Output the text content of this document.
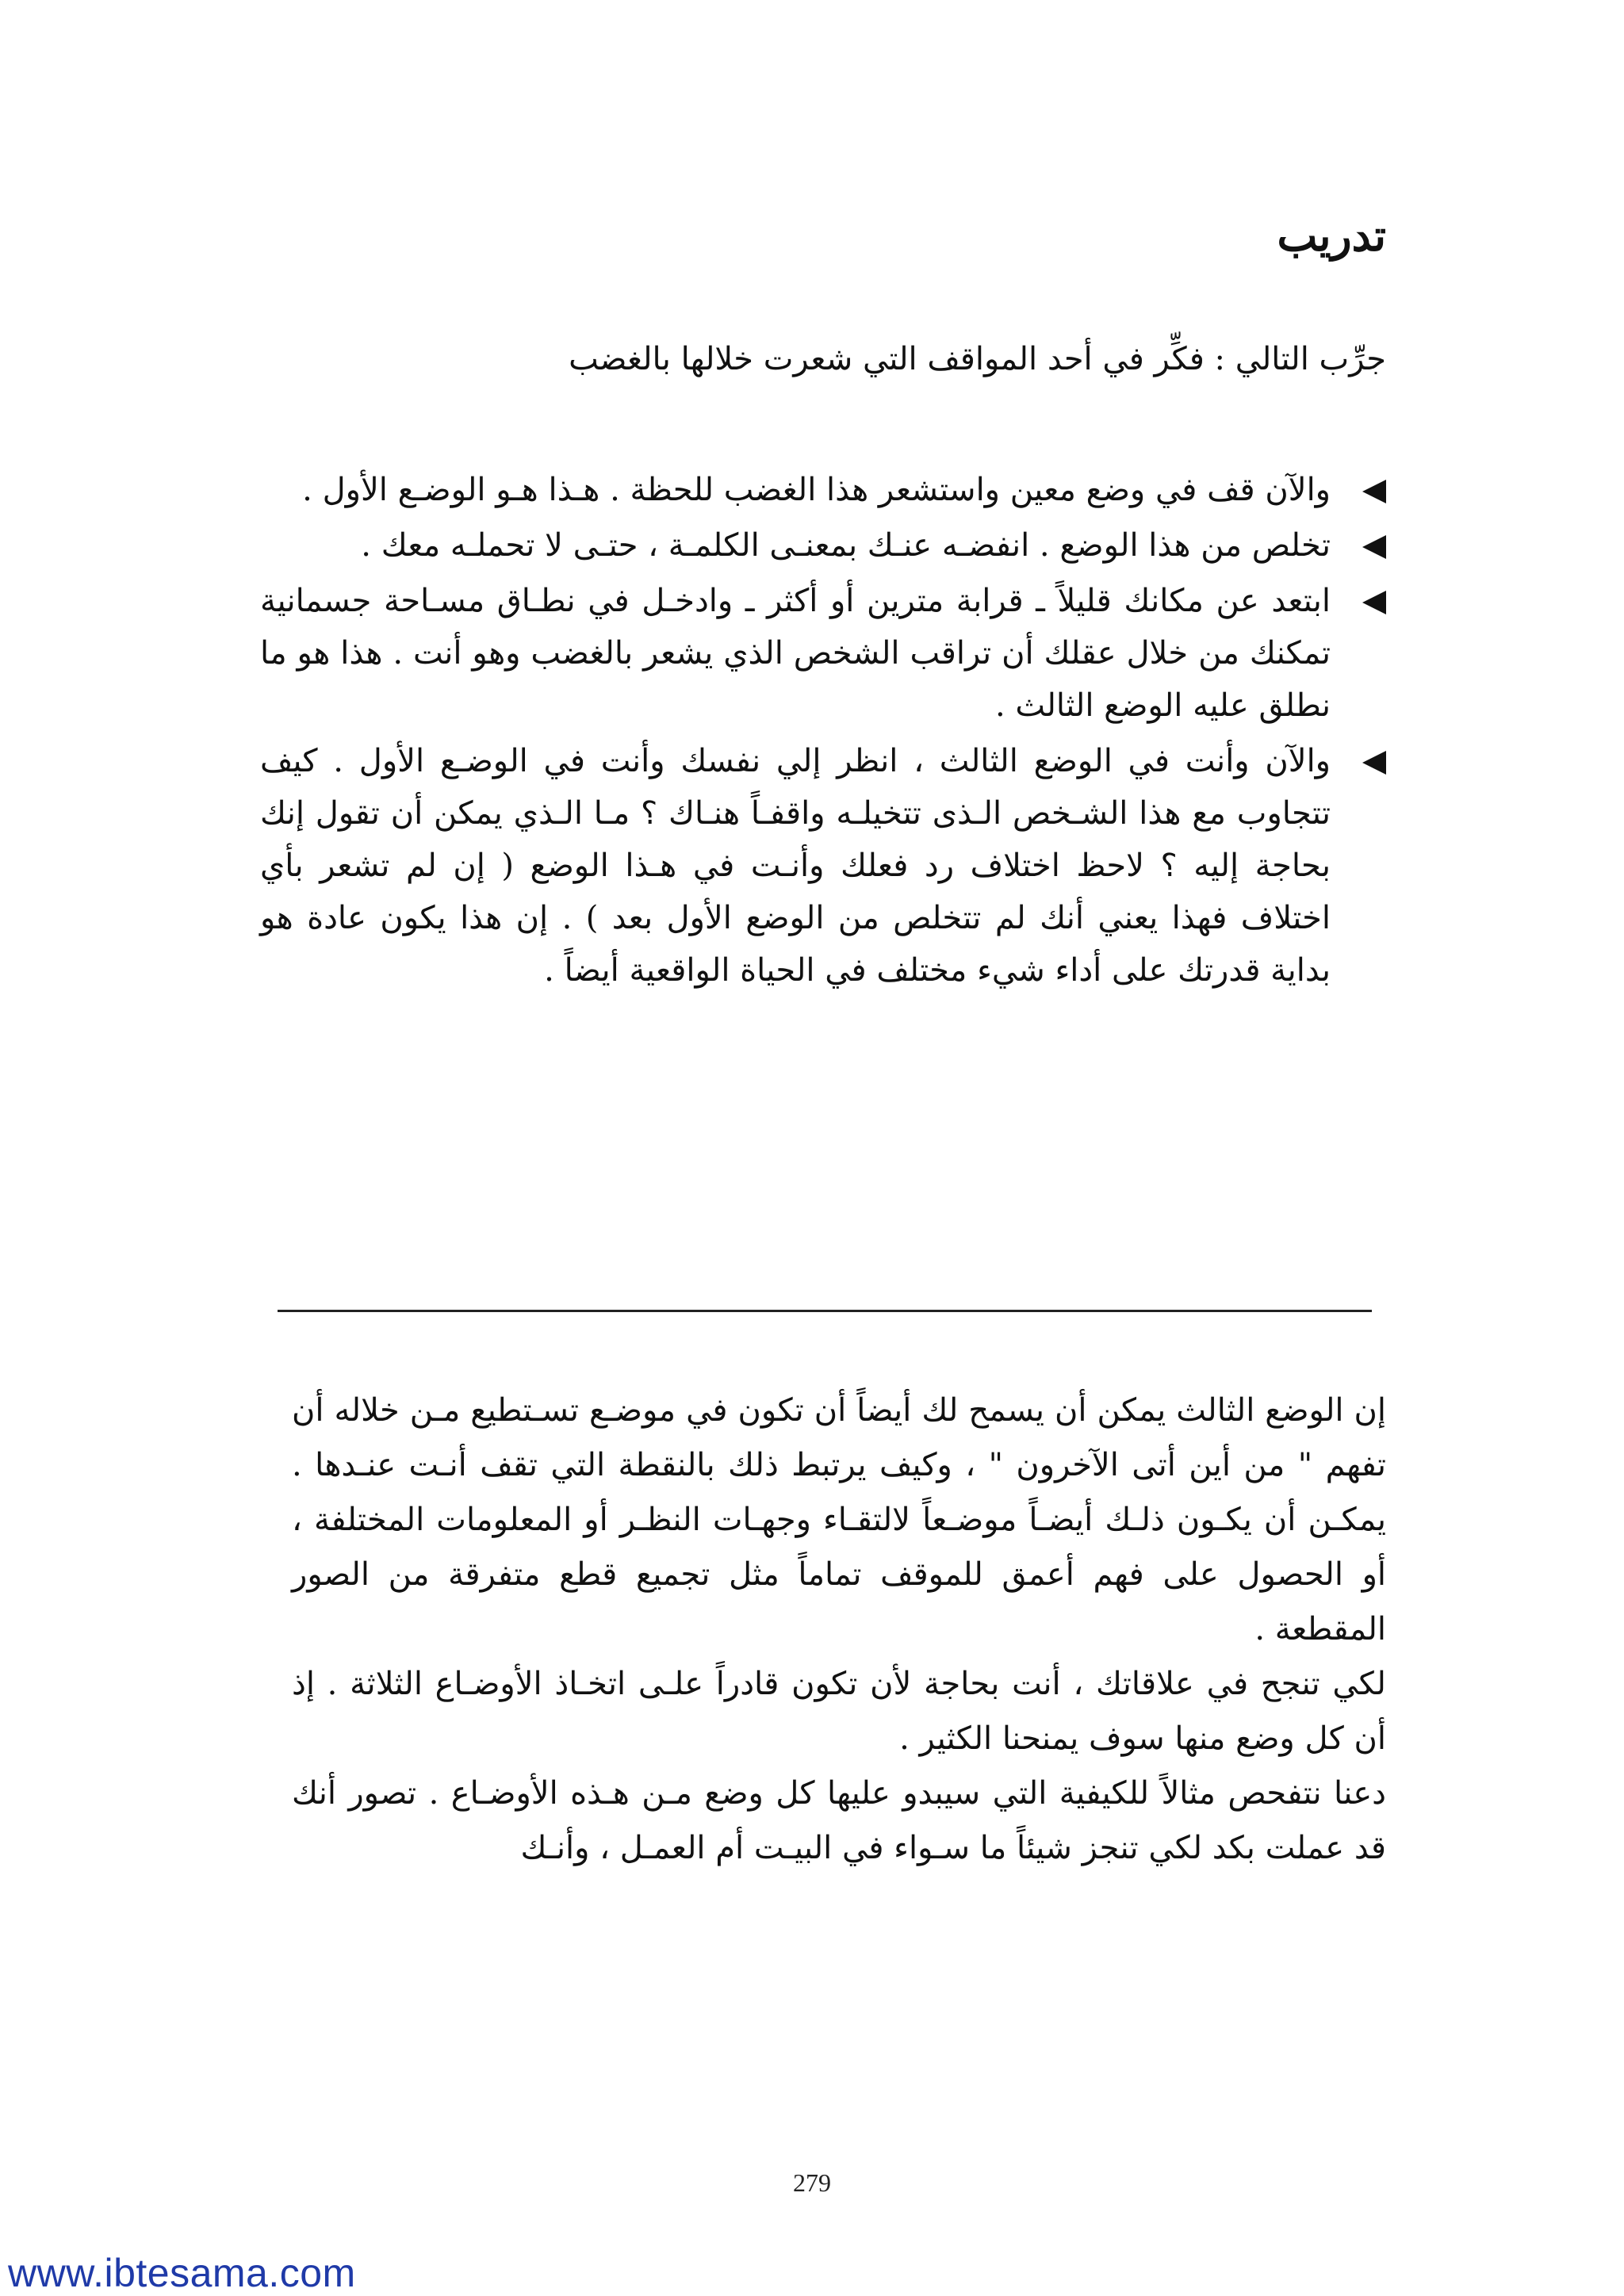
تدريب

جرِّب التالي : فكِّر في أحد المواقف التي شعرت خلالها بالغضب

والآن قف في وضع معين واستشعر هذا الغضب للحظة . هـذا هـو الوضـع الأول .
تخلص من هذا الوضع . انفضـه عنـك بمعنـى الكلمـة ، حتـى لا تحملـه معك .
ابتعد عن مكانك قليلاً ـ قرابة مترين أو أكثر ـ وادخـل في نطـاق مسـاحة جسمانية تمكنك من خلال عقلك أن تراقب الشخص الذي يشعر بالغضب وهو أنت . هذا هو ما نطلق عليه الوضع الثالث .
والآن وأنت في الوضع الثالث ، انظر إلي نفسك وأنت في الوضـع الأول . كيف تتجاوب مع هذا الشـخص الـذى تتخيلـه واقفـاً هنـاك ؟ مـا الـذي يمكن أن تقول إنك بحاجة إليه ؟ لاحظ اختلاف رد فعلك وأنـت في هـذا الوضع ( إن لم تشعر بأي اختلاف فهذا يعني أنك لم تتخلص من الوضع الأول بعد ) . إن هذا يكون عادة هو بداية قدرتك على أداء شيء مختلف في الحياة الواقعية أيضاً .

إن الوضع الثالث يمكن أن يسمح لك أيضاً أن تكون في موضـع تسـتطيع مـن خلاله أن تفهم " من أين أتى الآخرون " ، وكيف يرتبط ذلك بالنقطة التي تقف أنـت عنـدها . يمكـن أن يكـون ذلـك أيضـاً موضـعاً لالتقـاء وجهـات النظـر أو المعلومات المختلفة ، أو الحصول على فهم أعمق للموقف تماماً مثل تجميع قطع متفرقة من الصور المقطعة .

لكي تنجح في علاقاتك ، أنت بحاجة لأن تكون قادراً علـى اتخـاذ الأوضـاع الثلاثة . إذ أن كل وضع منها سوف يمنحنا الكثير .

دعنا نتفحص مثالاً للكيفية التي سيبدو عليها كل وضع مـن هـذه الأوضـاع . تصور أنك قد عملت بكد لكي تنجز شيئاً ما سـواء في البيـت أم العمـل ، وأنـك

279
www.ibtesama.com
